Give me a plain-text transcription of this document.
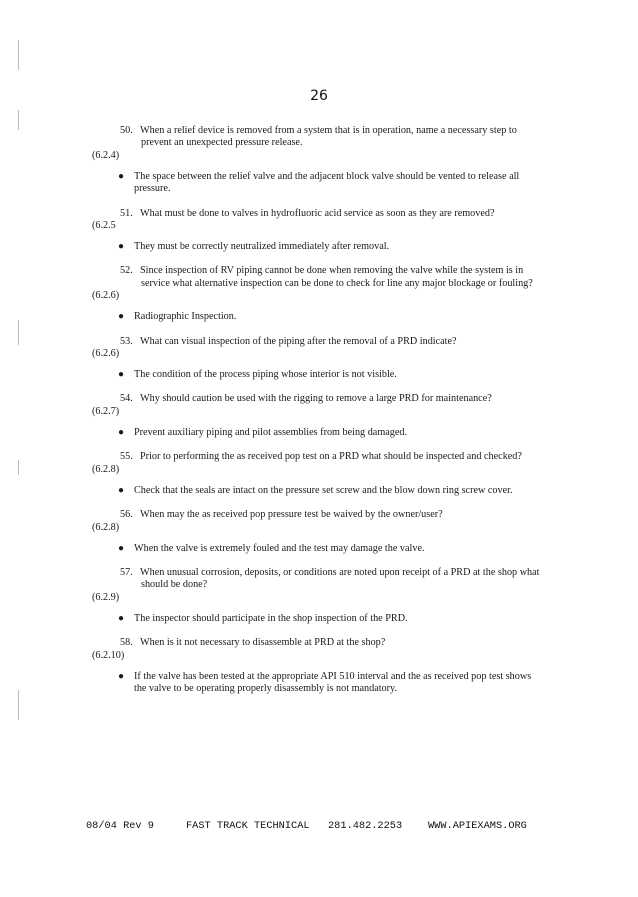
26
50. When a relief device is removed from a system that is in operation, name a necessary step to prevent an unexpected pressure release.
(6.2.4)
● The space between the relief valve and the adjacent block valve should be vented to release all pressure.
51. What must be done to valves in hydrofluoric acid service as soon as they are removed?
(6.2.5
● They must be correctly neutralized immediately after removal.
52. Since inspection of RV piping cannot be done when removing the valve while the system is in service what alternative inspection can be done to check for line any major blockage or fouling?
(6.2.6)
● Radiographic Inspection.
53. What can visual inspection of the piping after the removal of a PRD indicate?
(6.2.6)
● The condition of the process piping whose interior is not visible.
54. Why should caution be used with the rigging to remove a large PRD for maintenance?
(6.2.7)
● Prevent auxiliary piping and pilot assemblies from being damaged.
55. Prior to performing the as received pop test on a PRD what should be inspected and checked?
(6.2.8)
● Check that the seals are intact on the pressure set screw and the blow down ring screw cover.
56. When may the as received pop pressure test be waived by the owner/user?
(6.2.8)
● When the valve is extremely fouled and the test may damage the valve.
57. When unusual corrosion, deposits, or conditions are noted upon receipt of a PRD at the shop what should be done?
(6.2.9)
● The inspector should participate in the shop inspection of the PRD.
58. When is it not necessary to disassemble at PRD at the shop?
(6.2.10)
● If the valve has been tested at the appropriate API 510 interval and the as received pop test shows the valve to be operating properly disassembly is not mandatory.

08/04 Rev 9

	FAST TRACK TECHNICAL

281.482.2253

	WWW.APIEXAMS.ORG
